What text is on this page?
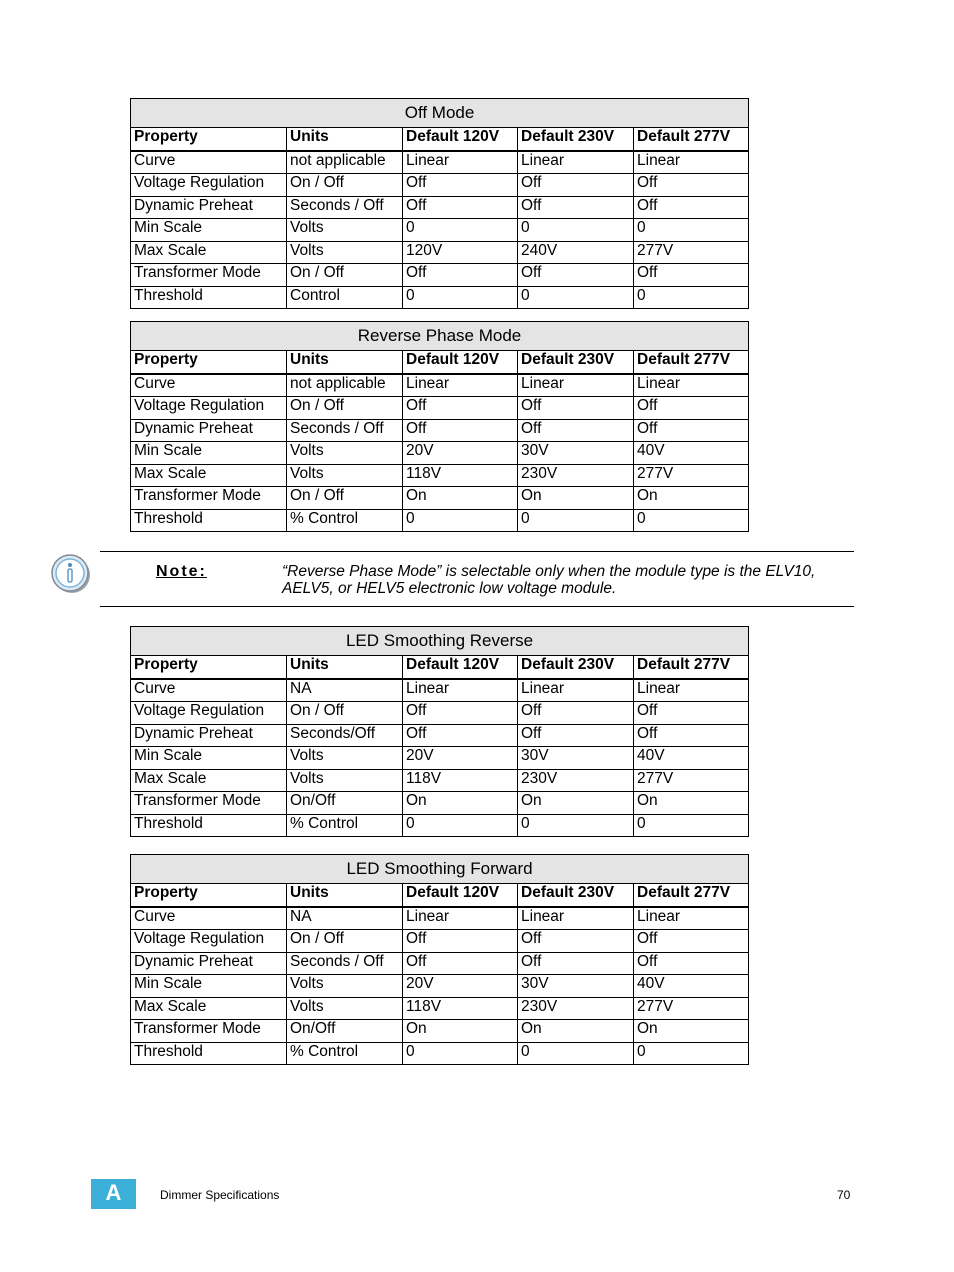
Off Mode				
Property	Units	Default 120V	Default 230V	Default 277V
Curve	not applicable	Linear	Linear	Linear
Voltage Regulation	On / Off	Off	Off	Off
Dynamic Preheat	Seconds / Off	Off	Off	Off
Min Scale	Volts	0	0	0
Max Scale	Volts	120V	240V	277V
Transformer Mode	On / Off	Off	Off	Off
Threshold	Control	0	0	0
Reverse Phase Mode				
Property	Units	Default 120V	Default 230V	Default 277V
Curve	not applicable	Linear	Linear	Linear
Voltage Regulation	On / Off	Off	Off	Off
Dynamic Preheat	Seconds / Off	Off	Off	Off
Min Scale	Volts	20V	30V	40V
Max Scale	Volts	118V	230V	277V
Transformer Mode	On / Off	On	On	On
Threshold	% Control	0	0	0
Note:	“Reverse Phase Mode” is selectable only when the module type is the ELV10, AELV5, or HELV5 electronic low voltage module.
LED Smoothing Reverse				
Property	Units	Default 120V	Default 230V	Default 277V
Curve	NA	Linear	Linear	Linear
Voltage Regulation	On / Off	Off	Off	Off
Dynamic Preheat	Seconds/Off	Off	Off	Off
Min Scale	Volts	20V	30V	40V
Max Scale	Volts	118V	230V	277V
Transformer Mode	On/Off	On	On	On
Threshold	% Control	0	0	0
LED Smoothing Forward				
Property	Units	Default 120V	Default 230V	Default 277V
Curve	NA	Linear	Linear	Linear
Voltage Regulation	On / Off	Off	Off	Off
Dynamic Preheat	Seconds / Off	Off	Off	Off
Min Scale	Volts	20V	30V	40V
Max Scale	Volts	118V	230V	277V
Transformer Mode	On/Off	On	On	On
Threshold	% Control	0	0	0
A	Dimmer Specifications	70
